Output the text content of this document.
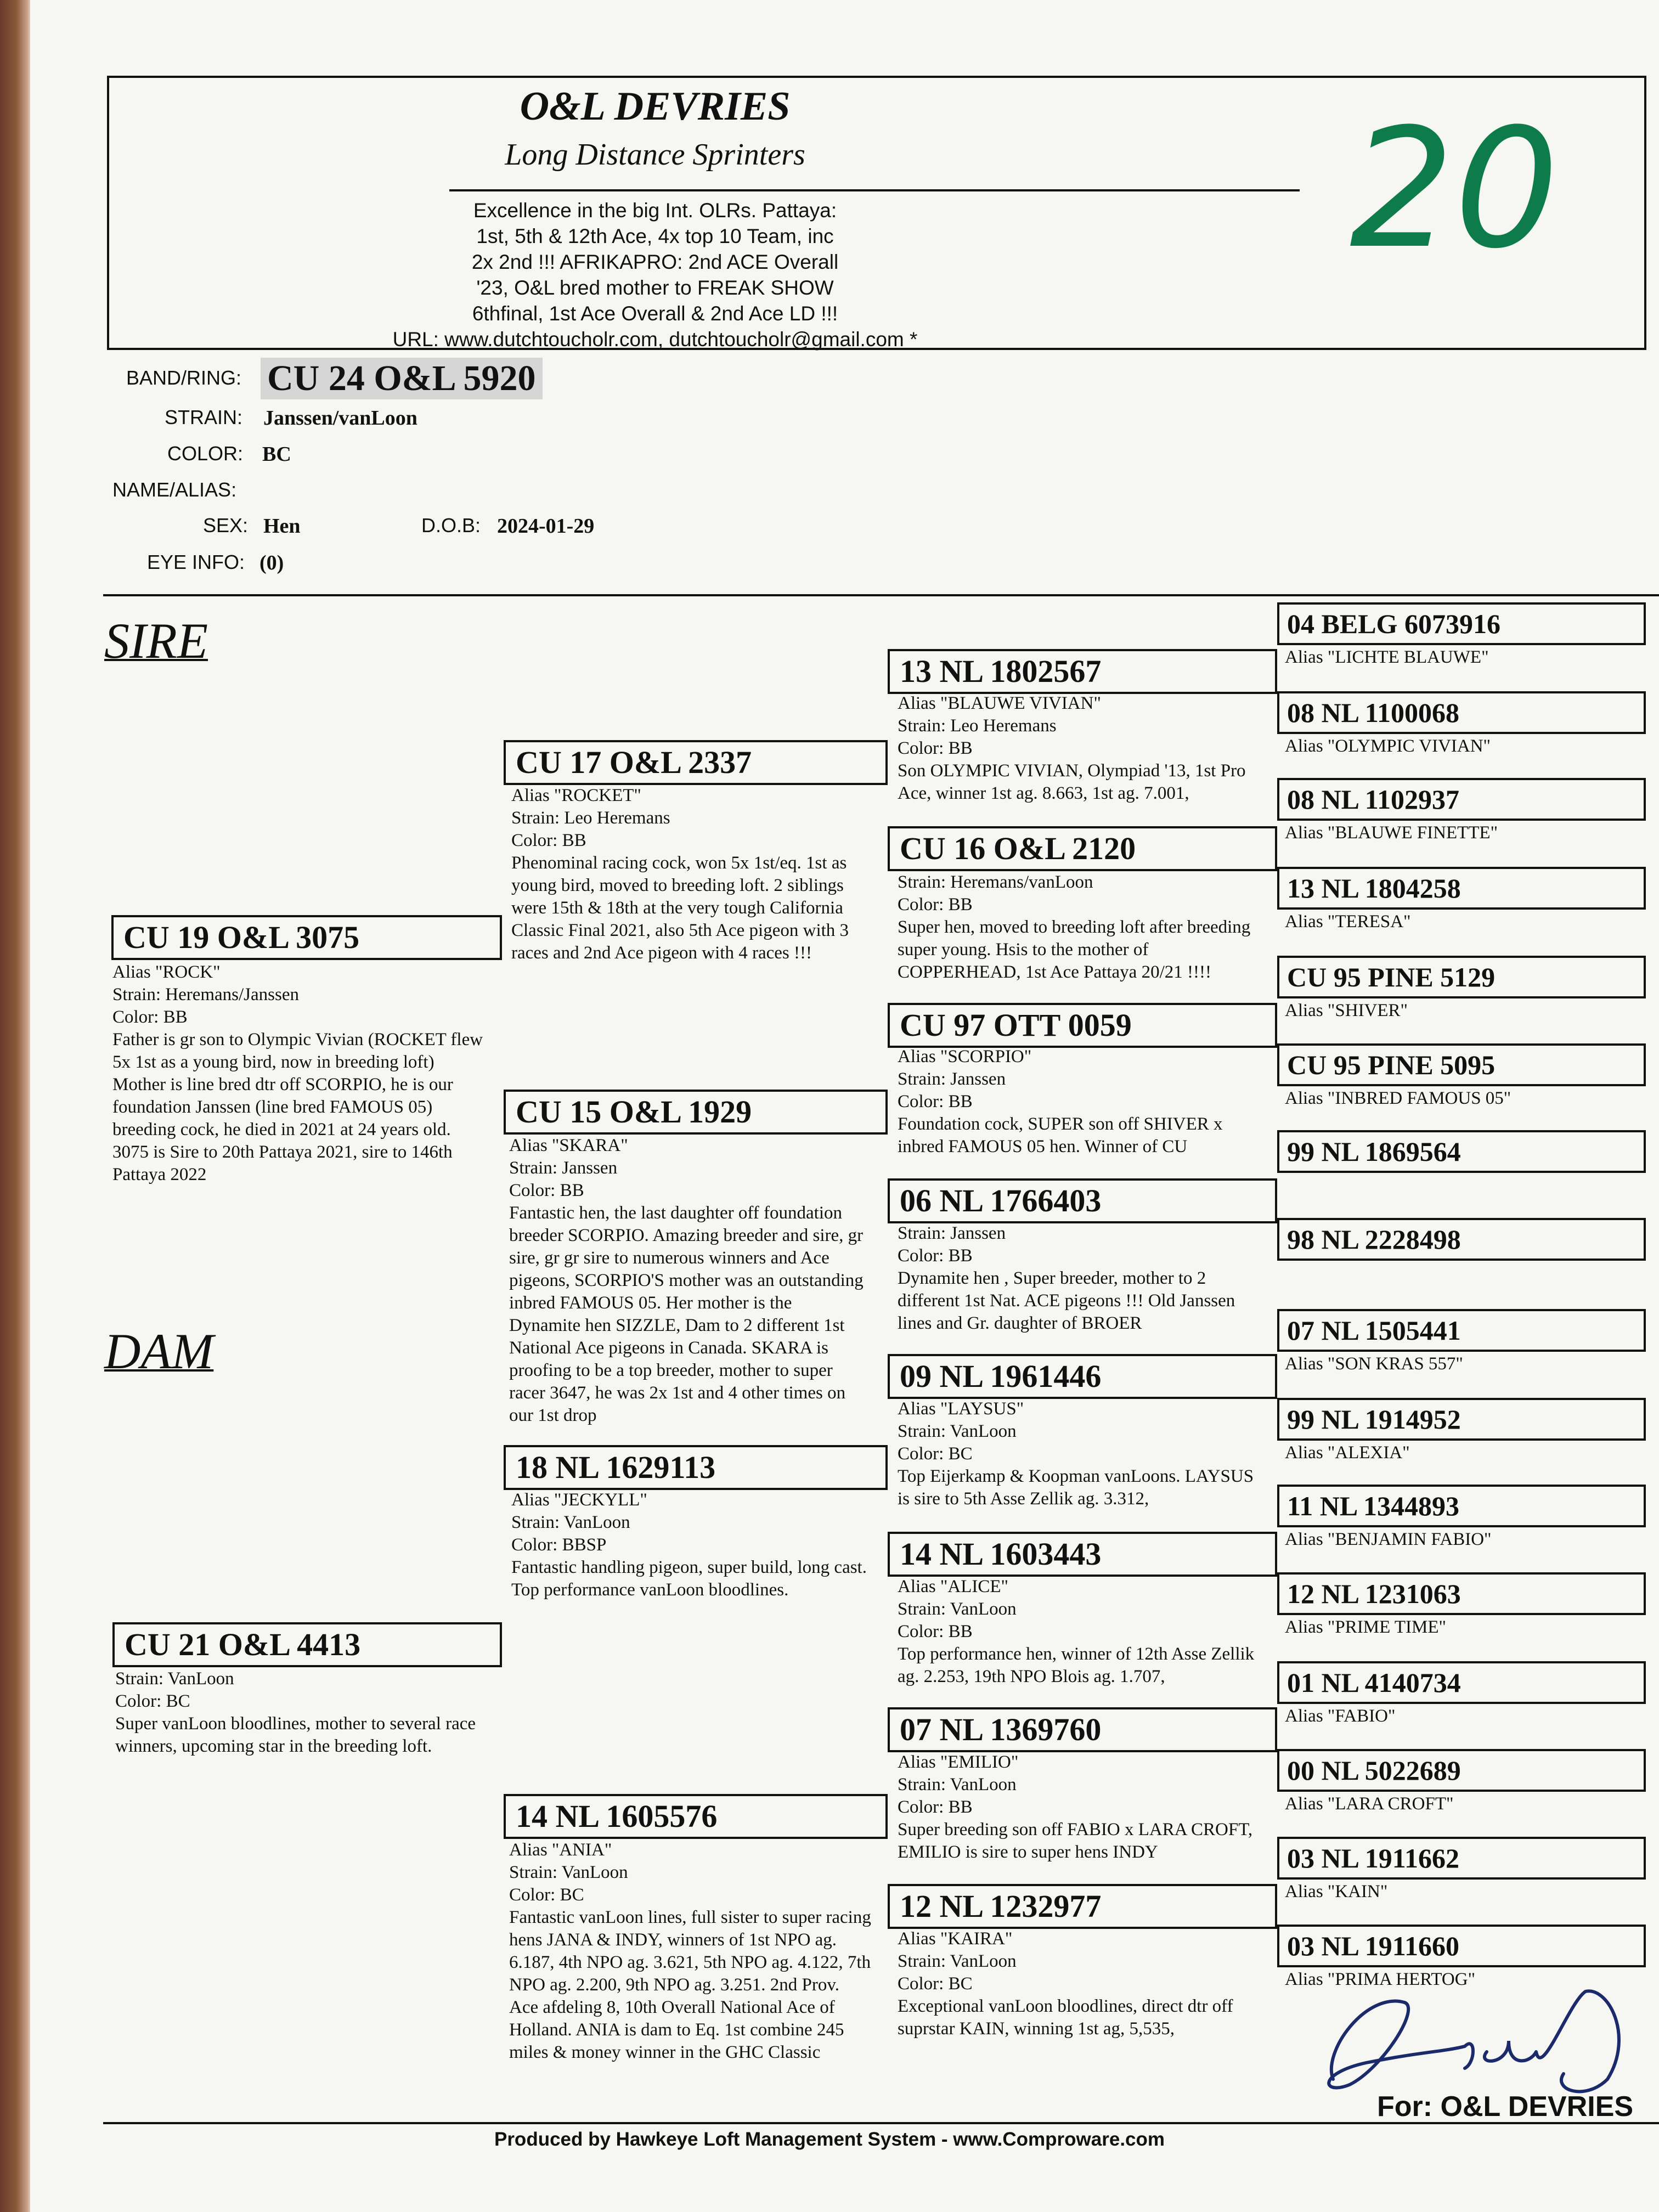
O&L DEVRIES
Long Distance Sprinters
Excellence in the big Int. OLRs. Pattaya:
1st, 5th & 12th Ace, 4x top 10 Team, inc
2x 2nd !!! AFRIKAPRO: 2nd ACE Overall
'23, O&L bred mother to FREAK SHOW
6thfinal, 1st Ace Overall & 2nd Ace LD !!!
URL: www.dutchtoucholr.com, dutchtoucholr@gmail.com *
20
BAND/RING: CU 24 O&L 5920
STRAIN: Janssen/vanLoon
COLOR: BC
NAME/ALIAS:
SEX: Hen	D.O.B: 2024-01-29
EYE INFO: (0)
SIRE
DAM
CU 19 O&L 3075
Alias "ROCK"
Strain: Heremans/Janssen
Color: BB
Father is gr son to Olympic Vivian (ROCKET flew 5x 1st as a young bird, now in breeding loft) Mother is line bred dtr off SCORPIO, he is our foundation Janssen (line bred FAMOUS 05) breeding cock, he died in 2021 at 24 years old.
3075 is Sire to 20th Pattaya 2021, sire to 146th Pattaya 2022
CU 21 O&L 4413
Strain: VanLoon
Color: BC
Super vanLoon bloodlines, mother to several race winners, upcoming star in the breeding loft.
CU 17 O&L 2337
Alias "ROCKET"
Strain: Leo Heremans
Color: BB
Phenominal racing cock, won 5x 1st/eq. 1st as young bird, moved to breeding loft. 2 siblings were 15th & 18th at the very tough California Classic Final 2021, also 5th Ace pigeon with 3 races and 2nd Ace pigeon with 4 races !!!
CU 15 O&L 1929
Alias "SKARA"
Strain: Janssen
Color: BB
Fantastic hen, the last daughter off foundation breeder SCORPIO. Amazing breeder and sire, gr sire, gr gr sire to numerous winners and Ace pigeons, SCORPIO'S mother was an outstanding inbred FAMOUS 05. Her mother is the Dynamite hen SIZZLE, Dam to 2 different 1st National Ace pigeons in Canada. SKARA is proofing to be a top breeder, mother to super racer 3647, he was 2x 1st and 4 other times on our 1st drop
18 NL 1629113
Alias "JECKYLL"
Strain: VanLoon
Color: BBSP
Fantastic handling pigeon, super build, long cast. Top performance vanLoon bloodlines.
14 NL 1605576
Alias "ANIA"
Strain: VanLoon
Color: BC
Fantastic vanLoon lines, full sister to super racing hens JANA & INDY, winners of 1st NPO ag. 6.187, 4th NPO ag. 3.621, 5th NPO ag. 4.122, 7th NPO ag. 2.200, 9th NPO ag. 3.251. 2nd Prov. Ace afdeling 8, 10th Overall National Ace of Holland. ANIA is dam to Eq. 1st combine 245 miles & money winner in the GHC Classic
13 NL 1802567
Alias "BLAUWE VIVIAN"
Strain: Leo Heremans
Color: BB
Son OLYMPIC VIVIAN, Olympiad '13, 1st Pro Ace, winner 1st ag. 8.663, 1st ag. 7.001,
CU 16 O&L 2120
Strain: Heremans/vanLoon
Color: BB
Super hen, moved to breeding loft after breeding super young. Hsis to the mother of COPPERHEAD, 1st Ace Pattaya 20/21 !!!!
CU 97 OTT 0059
Alias "SCORPIO"
Strain: Janssen
Color: BB
Foundation cock, SUPER son off SHIVER x inbred FAMOUS 05 hen. Winner of CU
06 NL 1766403
Strain: Janssen
Color: BB
Dynamite hen , Super breeder, mother to 2 different 1st Nat. ACE pigeons !!! Old Janssen lines and Gr. daughter of BROER
09 NL 1961446
Alias "LAYSUS"
Strain: VanLoon
Color: BC
Top Eijerkamp & Koopman vanLoons. LAYSUS is sire to 5th Asse Zellik ag. 3.312,
14 NL 1603443
Alias "ALICE"
Strain: VanLoon
Color: BB
Top performance hen, winner of 12th Asse Zellik ag. 2.253, 19th NPO Blois ag. 1.707,
07 NL 1369760
Alias "EMILIO"
Strain: VanLoon
Color: BB
Super breeding son off FABIO x LARA CROFT, EMILIO is sire to super hens INDY
12 NL 1232977
Alias "KAIRA"
Strain: VanLoon
Color: BC
Exceptional vanLoon bloodlines, direct dtr off suprstar KAIN, winning 1st ag, 5,535,
04 BELG 6073916
Alias "LICHTE BLAUWE"
08 NL 1100068
Alias "OLYMPIC VIVIAN"
08 NL 1102937
Alias "BLAUWE FINETTE"
13 NL 1804258
Alias "TERESA"
CU 95 PINE 5129
Alias "SHIVER"
CU 95 PINE 5095
Alias "INBRED FAMOUS 05"
99 NL 1869564
98 NL 2228498
07 NL 1505441
Alias "SON KRAS 557"
99 NL 1914952
Alias "ALEXIA"
11 NL 1344893
Alias "BENJAMIN FABIO"
12 NL 1231063
Alias "PRIME TIME"
01 NL 4140734
Alias "FABIO"
00 NL 5022689
Alias "LARA CROFT"
03 NL 1911662
Alias "KAIN"
03 NL 1911660
Alias "PRIMA HERTOG"
For: O&L DEVRIES
Produced by Hawkeye Loft Management System - www.Comproware.com
